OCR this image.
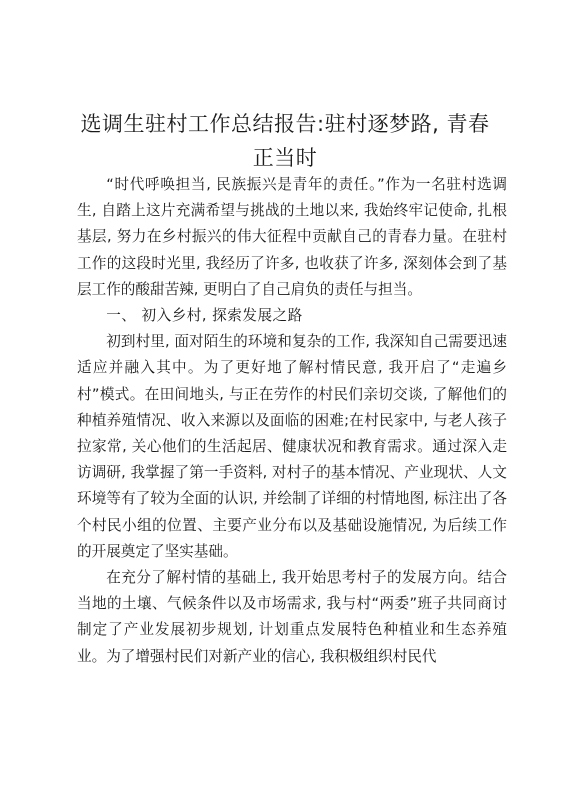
选调生驻村工作总结报告:驻村逐梦路, 青春
正当时

“时代呼唤担当, 民族振兴是青年的责任。”作为一名驻村选调生, 自踏上这片充满希望与挑战的土地以来, 我始终牢记使命, 扎根基层, 努力在乡村振兴的伟大征程中贡献自己的青春力量。在驻村工作的这段时光里, 我经历了许多, 也收获了许多, 深刻体会到了基层工作的酸甜苦辣, 更明白了自己肩负的责任与担当。

一、 初入乡村, 探索发展之路

初到村里, 面对陌生的环境和复杂的工作, 我深知自己需要迅速适应并融入其中。为了更好地了解村情民意, 我开启了“走遍乡村”模式。在田间地头, 与正在劳作的村民们亲切交谈, 了解他们的种植养殖情况、收入来源以及面临的困难;在村民家中, 与老人孩子拉家常, 关心他们的生活起居、健康状况和教育需求。通过深入走访调研, 我掌握了第一手资料, 对村子的基本情况、产业现状、人文环境等有了较为全面的认识, 并绘制了详细的村情地图, 标注出了各个村民小组的位置、主要产业分布以及基础设施情况, 为后续工作的开展奠定了坚实基础。

在充分了解村情的基础上, 我开始思考村子的发展方向。结合当地的土壤、气候条件以及市场需求, 我与村“两委”班子共同商讨制定了产业发展初步规划, 计划重点发展特色种植业和生态养殖业。为了增强村民们对新产业的信心, 我积极组织村民代
